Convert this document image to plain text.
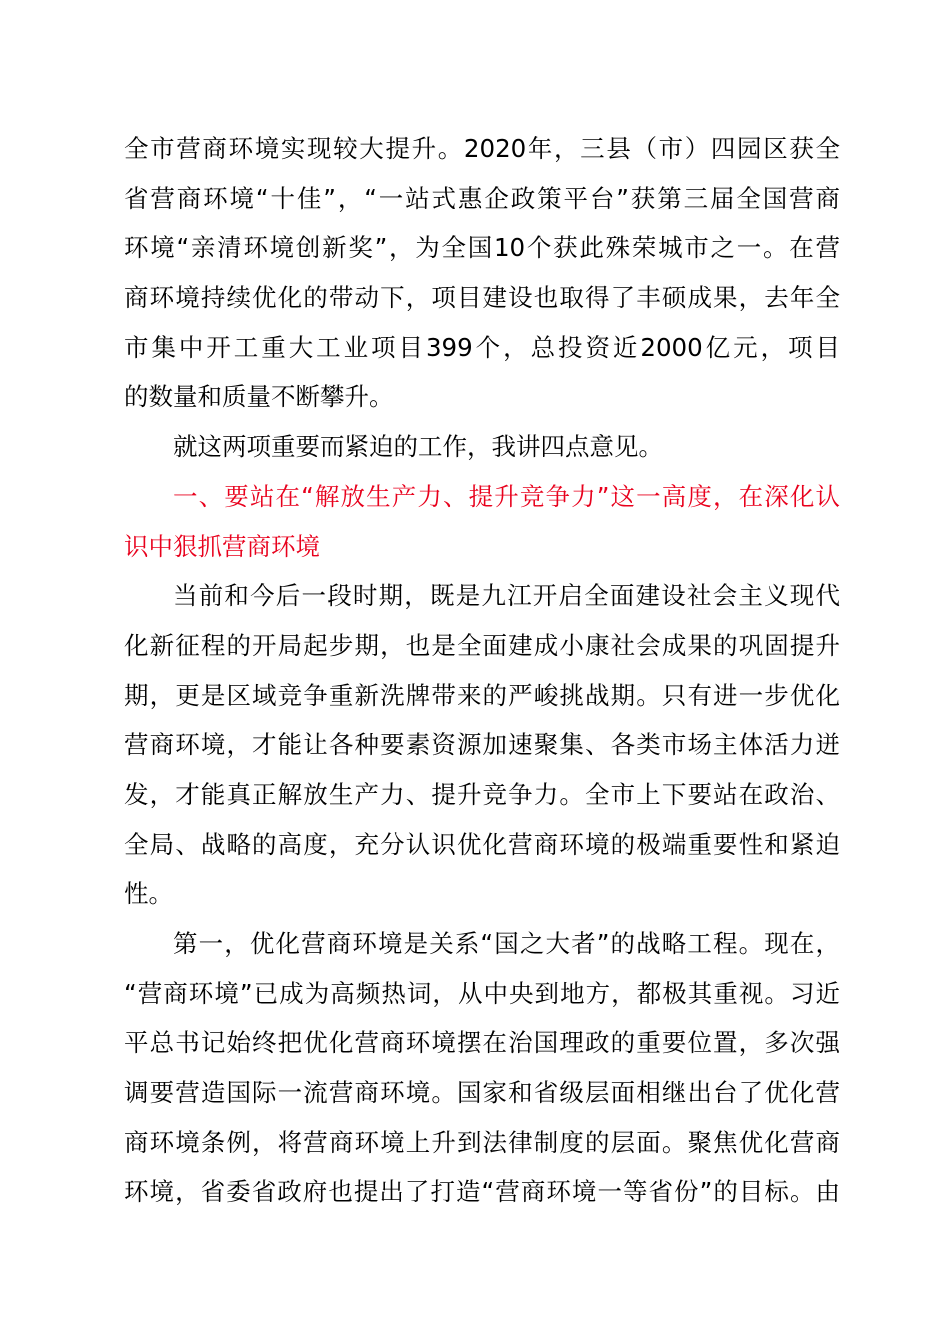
全市营商环境实现较大提升。2020年，三县（市）四园区获全
省营商环境“十佳”，“一站式惠企政策平台”获第三届全国营商
环境“亲清环境创新奖”，为全国10个获此殊荣城市之一。在营
商环境持续优化的带动下，项目建设也取得了丰硕成果，去年全
市集中开工重大工业项目399个，总投资近2000亿元，项目
的数量和质量不断攀升。
就这两项重要而紧迫的工作，我讲四点意见。
一、要站在“解放生产力、提升竞争力”这一高度，在深化认
识中狠抓营商环境
当前和今后一段时期，既是九江开启全面建设社会主义现代
化新征程的开局起步期，也是全面建成小康社会成果的巩固提升
期，更是区域竞争重新洗牌带来的严峻挑战期。只有进一步优化
营商环境，才能让各种要素资源加速聚集、各类市场主体活力迸
发，才能真正解放生产力、提升竞争力。全市上下要站在政治、
全局、战略的高度，充分认识优化营商环境的极端重要性和紧迫
性。
第一，优化营商环境是关系“国之大者”的战略工程。现在，
“营商环境”已成为高频热词，从中央到地方，都极其重视。习近
平总书记始终把优化营商环境摆在治国理政的重要位置，多次强
调要营造国际一流营商环境。国家和省级层面相继出台了优化营
商环境条例，将营商环境上升到法律制度的层面。聚焦优化营商
环境，省委省政府也提出了打造“营商环境一等省份”的目标。由
